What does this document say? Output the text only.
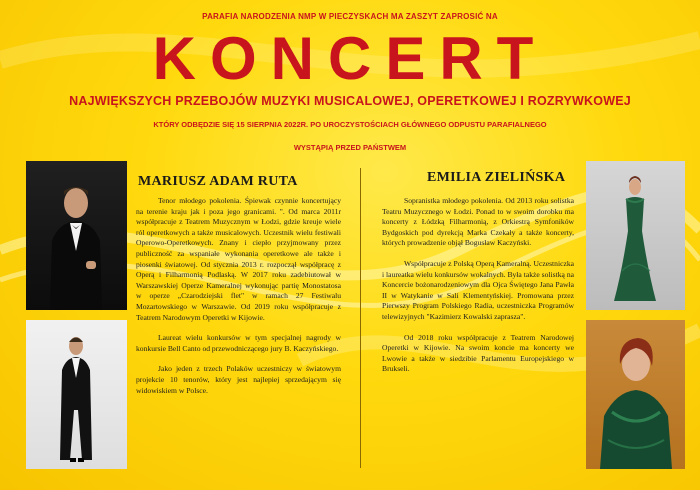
PARAFIA NARODZENIA NMP W PIECZYSKACH MA ZASZYT ZAPROSIĆ NA
KONCERT
NAJWIĘKSZYCH PRZEBOJÓW MUZYKI MUSICALOWEJ, OPERETKOWEJ I ROZRYWKOWEJ
KTÓRY ODBĘDZIE SIĘ 15 SIERPNIA 2022R. PO UROCZYSTOŚCIACH GŁÓWNEGO ODPUSTU PARAFIALNEGO
WYSTĄPIĄ PRZED PAŃSTWEM
MARIUSZ ADAM RUTA

Tenor młodego pokolenia. Śpiewak czynnie koncertujący na terenie kraju jak i poza jego granicami. ". Od marca 2011r współpracuje z Teatrem Muzycznym w Łodzi, gdzie kreuje wiele ról operetkowych a także musicalowych. Uczestnik wielu festiwali Operowo-Operetkowych. Znany i ciepło przyjmowany przez publiczność za wspaniałe wykonania operetkowe ale także i piosenki światowej. Od stycznia 2013 r. rozpoczął współpracę z Operą i Filharmonią Podlaską. W 2017 roku zadebiutował w Warszawskiej Operze Kameralnej wykonując partię Monostatosa w operze „Czarodziejski flet" w ramach 27 Festiwalu Mozartowskiego w Warszawie. Od 2019 roku współpracuje z Teatrem Narodowym Operetki w Kijowie.

Laureat wielu konkursów w tym specjalnej nagrody w konkursie Bell Canto od przewodniczącego jury B. Kaczyńskiego.

Jako jeden z trzech Polaków uczestniczy w światowym projekcie 10 tenorów, który jest najlepiej sprzedającym się widowiskiem w Polsce.

EMILIA ZIELIŃSKA

Sopranistka młodego pokolenia. Od 2013 roku solistka Teatru Muzycznego w Łodzi. Ponad to w swoim dorobku ma koncerty z Łódzką Filharmonią, z Orkiestrą Symfoników Bydgoskich pod dyrekcją Marka Czekały a także koncerty, których prowadzenie objął Bogusław Kaczyński.

Współpracuje z Polską Operą Kameralną. Uczestniczka i laureatka wielu konkursów wokalnych. Była także solistką na Koncercie bożonarodzeniowym dla Ojca Świętego Jana Pawła II w Watykanie w Sali Klementyńskiej. Promowana przez Pierwszy Program Polskiego Radia, uczestniczka Programów telewizyjnych "Kazimierz Kowalski zaprasza".

Od 2018 roku współpracuje z Teatrem Narodowej Operetki w Kijowie. Na swoim koncie ma koncerty we Lwowie a także w siedzibie Parlamentu Europejskiego w Brukseli.
